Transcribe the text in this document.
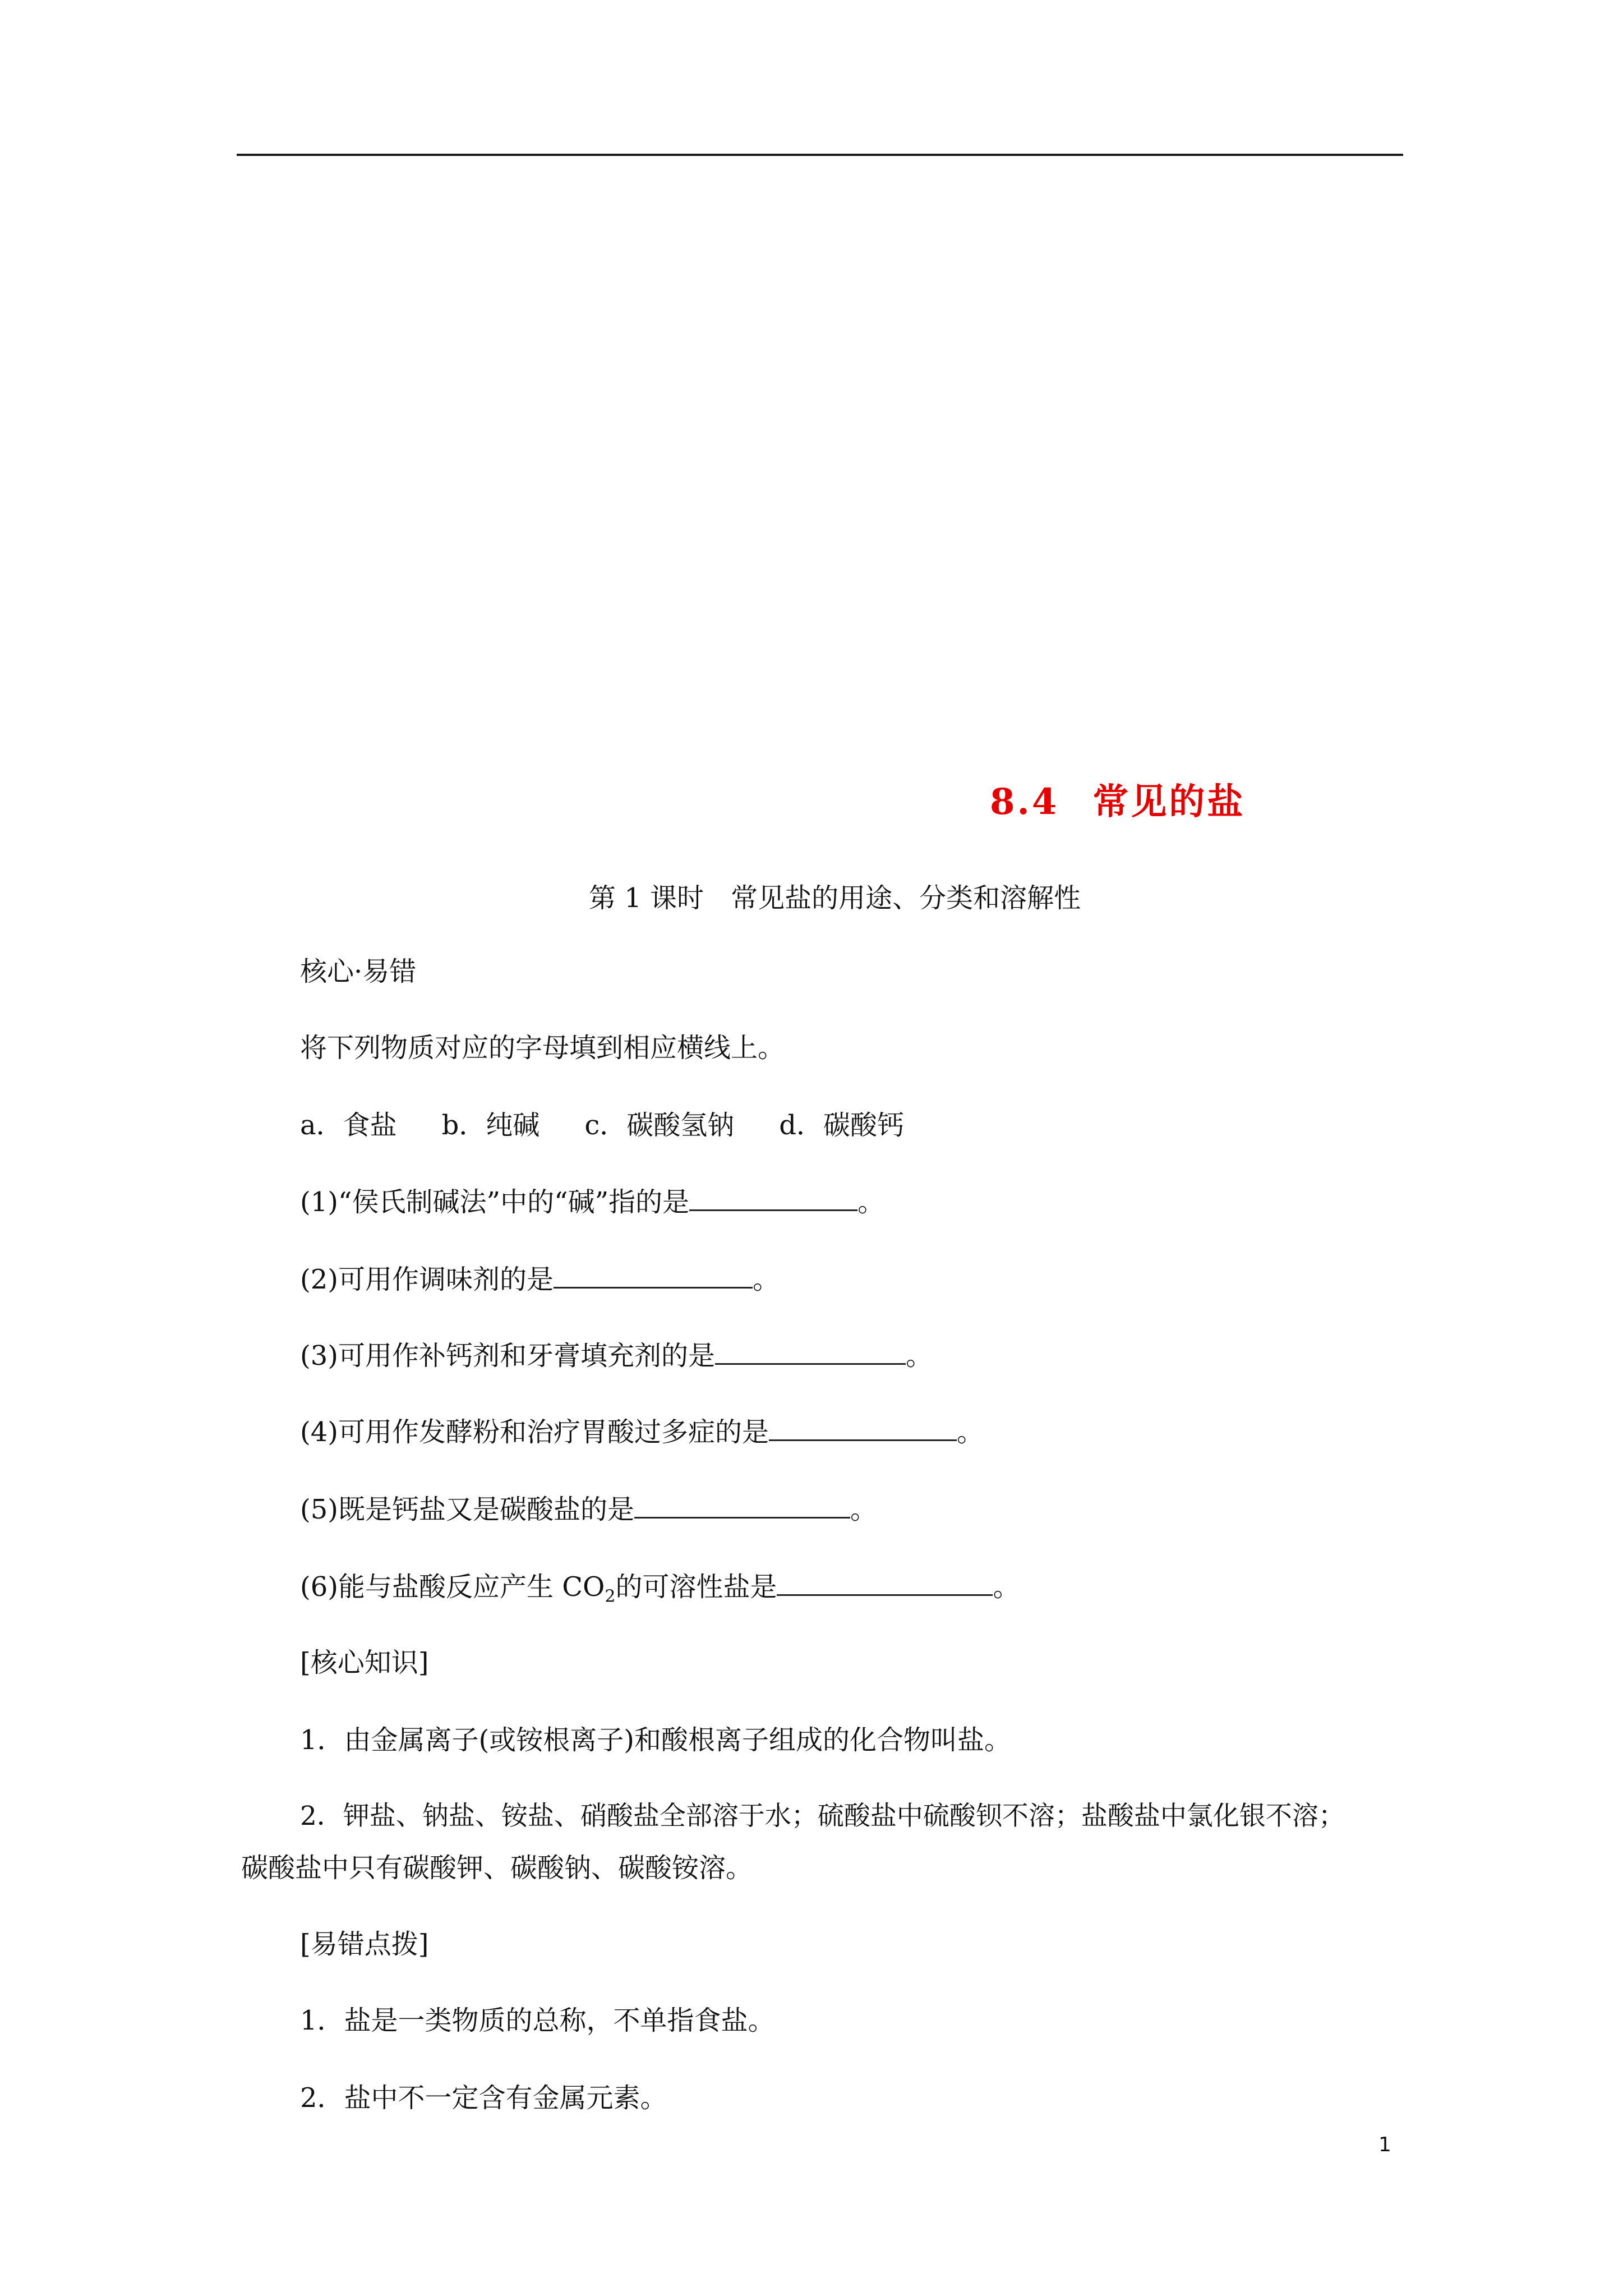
8.4 常见的盐
第 1 课时 常见盐的用途、分类和溶解性
核心·易错
将下列物质对应的字母填到相应横线上。
a．食盐 b．纯碱 c．碳酸氢钠 d．碳酸钙
(1)“侯氏制碱法”中的“碱”指的是	。
(2)可用作调味剂的是	。
(3)可用作补钙剂和牙膏填充剂的是	。
(4)可用作发酵粉和治疗胃酸过多症的是	。
(5)既是钙盐又是碳酸盐的是	。
(6)能与盐酸反应产生 $CO_2$的可溶性盐是	。
[核心知识]
1．由金属离子(或铵根离子)和酸根离子组成的化合物叫盐。
2．钾盐、钠盐、铵盐、硝酸盐全部溶于水；硫酸盐中硫酸钡不溶；盐酸盐中氯化银不溶；
碳酸盐中只有碳酸钾、碳酸钠、碳酸铵溶。
[易错点拨]
1．盐是一类物质的总称，不单指食盐。
2．盐中不一定含有金属元素。
1
